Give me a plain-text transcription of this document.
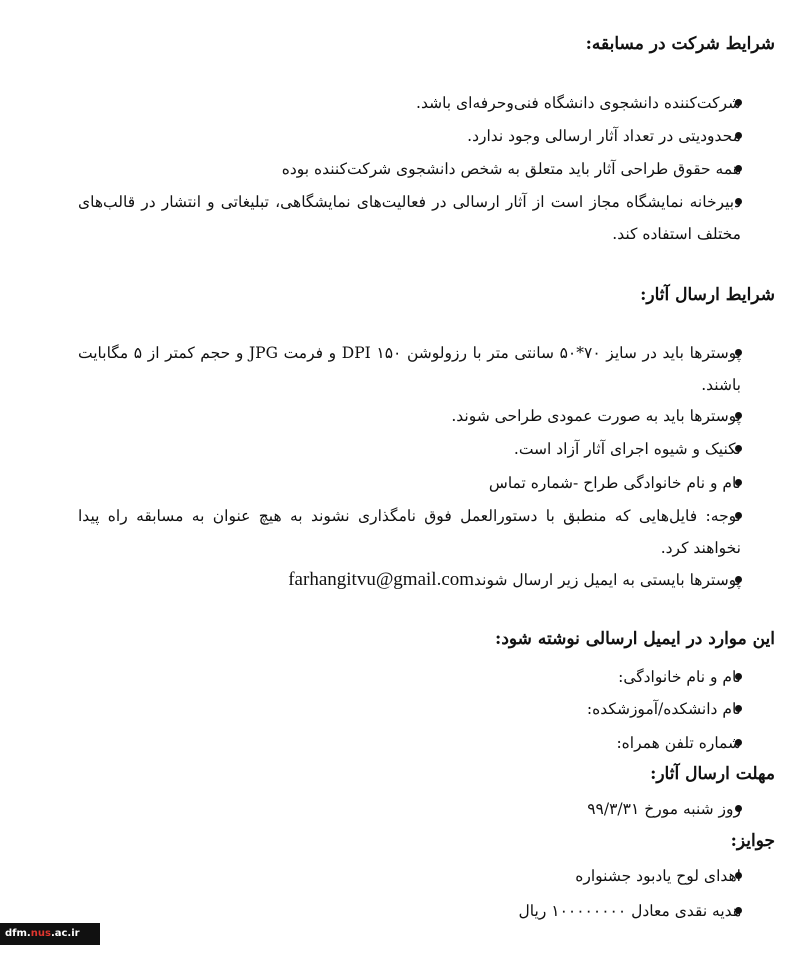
شرایط شرکت در مسابقه:
شرکت‌کننده دانشجوی دانشگاه فنی‌وحرفه‌ای باشد.
محدودیتی در تعداد آثار ارسالی وجود ندارد.
همه حقوق طراحی آثار باید متعلق به شخص دانشجوی شرکت‌کننده بوده
دبیرخانه نمایشگاه مجاز است از آثار ارسالی در فعالیت‌های نمایشگاهی، تبلیغاتی و انتشار در قالب‌های مختلف استفاده کند.
شرایط ارسال آثار:
پوسترها باید در سایز ۷۰*۵۰ سانتی متر با رزولوشن ۱۵۰ DPI و فرمت JPG و حجم کمتر از ۵ مگابایت باشند.
پوسترها باید به صورت عمودی طراحی شوند.
تکنیک و شیوه اجرای آثار آزاد است.
نام و نام خانوادگی طراح -شماره تماس
توجه: فایل‌هایی که منطبق با دستورالعمل فوق نامگذاری نشوند به هیچ عنوان به مسابقه راه پیدا نخواهند کرد.
پوسترها بایستی به ایمیل زیر ارسال شوندfarhangitvu@gmail.com
این موارد در ایمیل ارسالی نوشته شود:
نام و نام خانوادگی:
نام دانشکده/آموزشکده:
شماره تلفن همراه:
مهلت ارسال آثار:
روز شنبه مورخ ۹۹/۳/۳۱
جوایز:
اهدای لوح یادبود جشنواره
هدیه نقدی معادل ۱۰۰۰۰۰۰۰۰ ریال
dfm.nus.ac.ir
